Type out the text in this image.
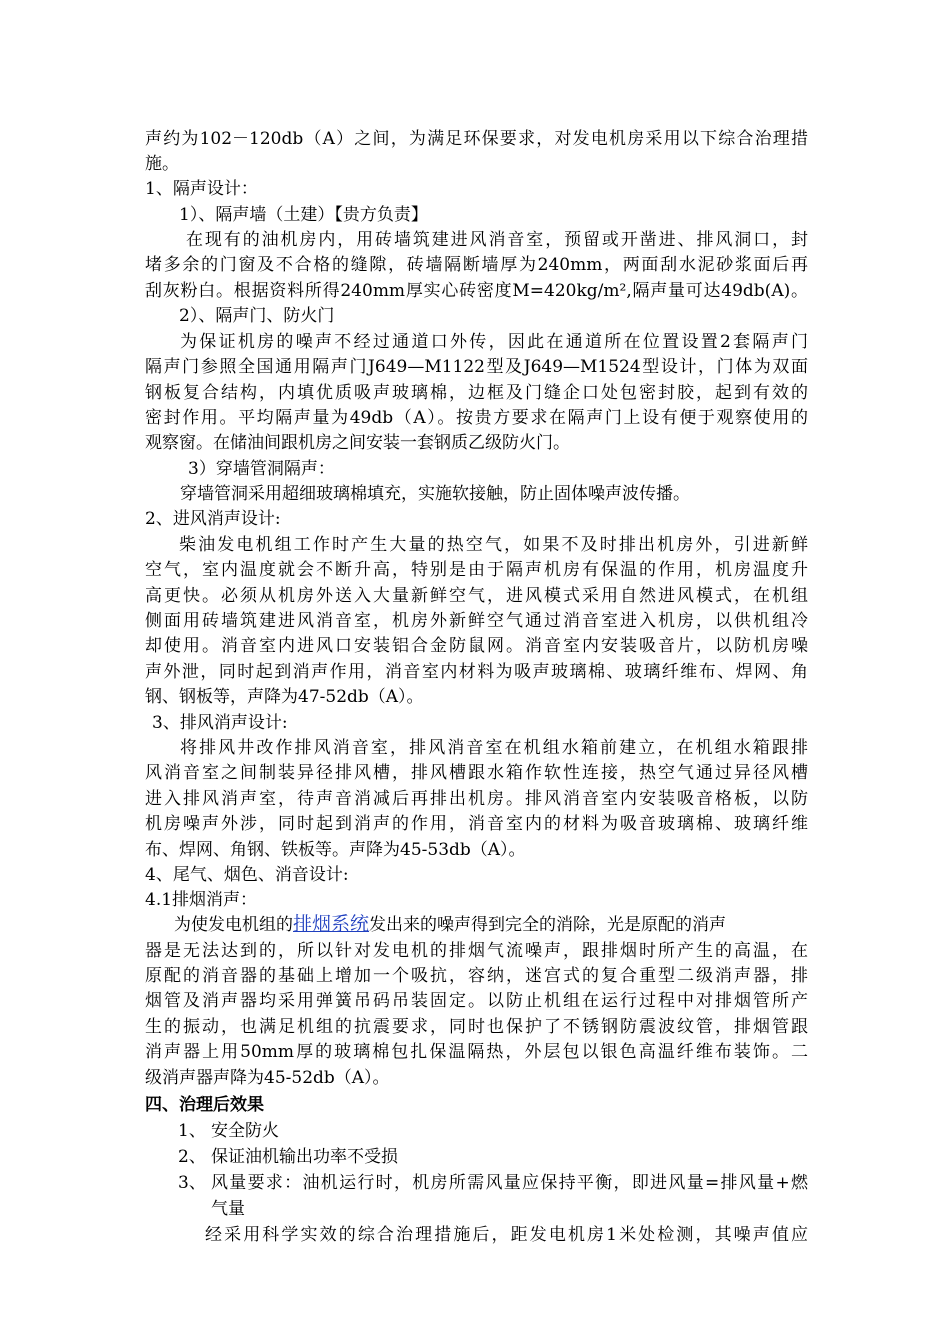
声约为102－120db（A）之间，为满足环保要求，对发电机房采用以下综合治理措
施。
1、隔声设计：
1）、隔声墙（土建）【贵方负责】
在现有的油机房内，用砖墙筑建进风消音室，预留或开凿进、排风洞口，封
堵多余的门窗及不合格的缝隙，砖墙隔断墙厚为240mm，两面刮水泥砂浆面后再
刮灰粉白。根据资料所得240mm厚实心砖密度M=420kg/m²,隔声量可达49db(A)。
2）、隔声门、防火门
为保证机房的噪声不经过通道口外传，因此在通道所在位置设置2套隔声门
隔声门参照全国通用隔声门J649—M1122型及J649—M1524型设计，门体为双面
钢板复合结构，内填优质吸声玻璃棉，边框及门缝企口处包密封胶，起到有效的
密封作用。平均隔声量为49db（A）。按贵方要求在隔声门上设有便于观察使用的
观察窗。在储油间跟机房之间安装一套钢质乙级防火门。
3）穿墙管洞隔声：
穿墙管洞采用超细玻璃棉填充，实施软接触，防止固体噪声波传播。
2、进风消声设计:
柴油发电机组工作时产生大量的热空气，如果不及时排出机房外，引进新鲜
空气，室内温度就会不断升高，特别是由于隔声机房有保温的作用，机房温度升
高更快。必须从机房外送入大量新鲜空气，进风模式采用自然进风模式，在机组
侧面用砖墙筑建进风消音室，机房外新鲜空气通过消音室进入机房，以供机组冷
却使用。消音室内进风口安装铝合金防鼠网。消音室内安装吸音片，以防机房噪
声外泄，同时起到消声作用，消音室内材料为吸声玻璃棉、玻璃纤维布、焊网、角
钢、钢板等，声降为47-52db（A）。
3、排风消声设计:
将排风井改作排风消音室，排风消音室在机组水箱前建立，在机组水箱跟排
风消音室之间制装异径排风槽，排风槽跟水箱作软性连接，热空气通过异径风槽
进入排风消声室，待声音消减后再排出机房。排风消音室内安装吸音格板，以防
机房噪声外涉，同时起到消声的作用，消音室内的材料为吸音玻璃棉、玻璃纤维
布、焊网、角钢、铁板等。声降为45-53db（A）。
4、尾气、烟色、消音设计:
4.1排烟消声：
为使发电机组的 排烟系统 发出来的噪声得到完全的消除，光是原配的消声
器是无法达到的，所以针对发电机的排烟气流噪声，跟排烟时所产生的高温，在
原配的消音器的基础上增加一个吸抗，容纳，迷宫式的复合重型二级消声器，排
烟管及消声器均采用弹簧吊码吊装固定。以防止机组在运行过程中对排烟管所产
生的振动，也满足机组的抗震要求，同时也保护了不锈钢防震波纹管，排烟管跟
消声器上用50mm厚的玻璃棉包扎保温隔热，外层包以银色高温纤维布装饰。二
级消声器声降为45-52db（A）。
四、治理后效果
1、 安全防火
2、 保证油机输出功率不受损
3、 风量要求：油机运行时，机房所需风量应保持平衡，即进风量=排风量+燃
气量
经采用科学实效的综合治理措施后，距发电机房1米处检测，其噪声值应
